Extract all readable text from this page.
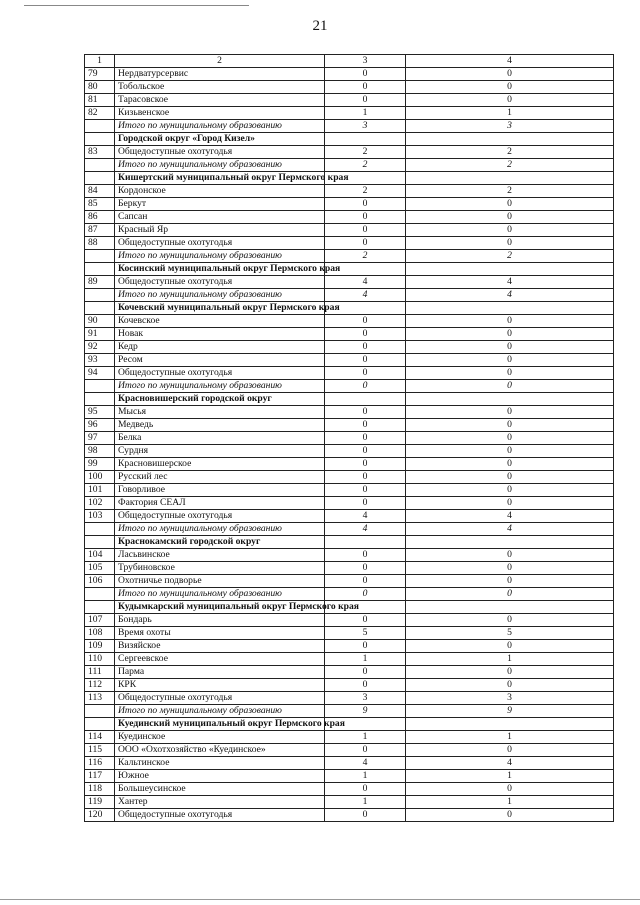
21
1	2	3	4
79	Нердватурсервис	0	0
80	Тобольское	0	0
81	Тарасовское	0	0
82	Кизьвенское	1	1
	Итого по муниципальному образованию	3	3
	Городской округ «Город Кизел»		
83	Общедоступные охотугодья	2	2
	Итого по муниципальному образованию	2	2
	Кишертский муниципальный округ Пермского края		
84	Кордонское	2	2
85	Беркут	0	0
86	Сапсан	0	0
87	Красный Яр	0	0
88	Общедоступные охотугодья	0	0
	Итого по муниципальному образованию	2	2
	Косинский муниципальный округ Пермского края		
89	Общедоступные охотугодья	4	4
	Итого по муниципальному образованию	4	4
	Кочевский муниципальный округ Пермского края		
90	Кочевское	0	0
91	Новак	0	0
92	Кедр	0	0
93	Ресом	0	0
94	Общедоступные охотугодья	0	0
	Итого по муниципальному образованию	0	0
	Красновишерский городской округ		
95	Мысья	0	0
96	Медведь	0	0
97	Белка	0	0
98	Сурдня	0	0
99	Красновишерское	0	0
100	Русский лес	0	0
101	Говорливое	0	0
102	Фактория СЕАЛ	0	0
103	Общедоступные охотугодья	4	4
	Итого по муниципальному образованию	4	4
	Краснокамский городской округ		
104	Ласьвинское	0	0
105	Трубиновское	0	0
106	Охотничье подворье	0	0
	Итого по муниципальному образованию	0	0
	Кудымкарский муниципальный округ Пермского края		
107	Бондарь	0	0
108	Время охоты	5	5
109	Визяйское	0	0
110	Сергеевское	1	1
111	Парма	0	0
112	КРК	0	0
113	Общедоступные охотугодья	3	3
	Итого по муниципальному образованию	9	9
	Куединский муниципальный округ Пермского края		
114	Куединское	1	1
115	ООО «Охотхозяйство «Куединское»	0	0
116	Кальтинское	4	4
117	Южное	1	1
118	Большеусинское	0	0
119	Хантер	1	1
120	Общедоступные охотугодья	0	0
